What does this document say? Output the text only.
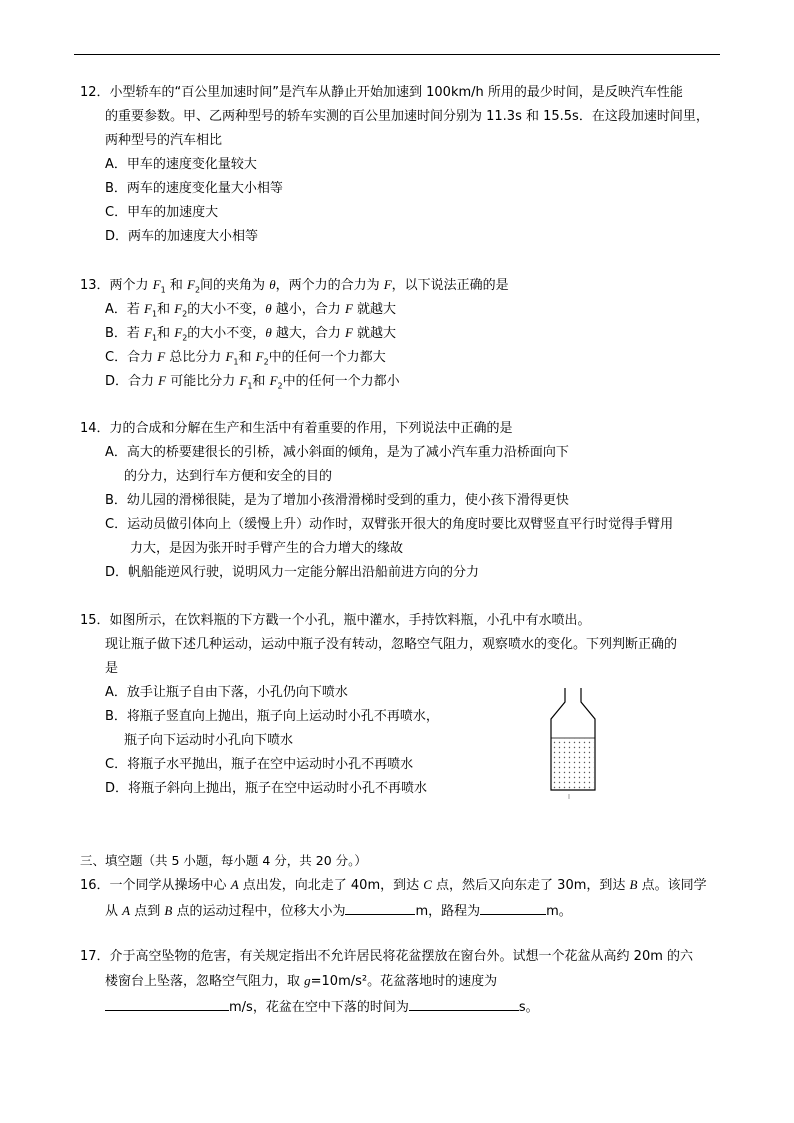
12．小型轿车的“百公里加速时间”是汽车从静止开始加速到 100km/h 所用的最少时间，是反映汽车性能
的重要参数。甲、乙两种型号的轿车实测的百公里加速时间分别为 11.3s 和 15.5s．在这段加速时间里，
两种型号的汽车相比
A．甲车的速度变化量较大
B．两车的速度变化量大小相等
C．甲车的加速度大
D．两车的加速度大小相等
13．两个力 $F_1$ 和 $F_2$间的夹角为 θ，两个力的合力为 F，以下说法正确的是
A．若 $F_1$和 $F_2$的大小不变，θ 越小，合力 F 就越大
B．若 $F_1$和 $F_2$的大小不变，θ 越大，合力 F 就越大
C．合力 F 总比分力 $F_1$和 $F_2$中的任何一个力都大
D．合力 F 可能比分力 $F_1$和 $F_2$中的任何一个力都小
14．力的合成和分解在生产和生活中有着重要的作用，下列说法中正确的是
A．高大的桥要建很长的引桥，减小斜面的倾角，是为了减小汽车重力沿桥面向下
的分力，达到行车方便和安全的目的
B．幼儿园的滑梯很陡，是为了增加小孩滑滑梯时受到的重力，使小孩下滑得更快
C．运动员做引体向上（缓慢上升）动作时，双臂张开很大的角度时要比双臂竖直平行时觉得手臂用
力大，是因为张开时手臂产生的合力增大的缘故
D．帆船能逆风行驶，说明风力一定能分解出沿船前进方向的分力
15．如图所示，在饮料瓶的下方戳一个小孔，瓶中灌水，手持饮料瓶，小孔中有水喷出。
现让瓶子做下述几种运动，运动中瓶子没有转动，忽略空气阻力，观察喷水的变化。下列判断正确的
是
A．放手让瓶子自由下落，小孔仍向下喷水
B．将瓶子竖直向上抛出，瓶子向上运动时小孔不再喷水，
瓶子向下运动时小孔向下喷水
C．将瓶子水平抛出，瓶子在空中运动时小孔不再喷水
D．将瓶子斜向上抛出，瓶子在空中运动时小孔不再喷水
三、填空题（共 5 小题，每小题 4 分，共 20 分。）
16．一个同学从操场中心 A 点出发，向北走了 40m，到达 C 点，然后又向东走了 30m，到达 B 点。该同学
从 A 点到 B 点的运动过程中，位移大小为	m，路程为	m。
17．介于高空坠物的危害，有关规定指出不允许居民将花盆摆放在窗台外。试想一个花盆从高约 20m 的六
楼窗台上坠落，忽略空气阻力，取 g=10m/s²。花盆落地时的速度为
m/s，花盆在空中下落的时间为	s。
